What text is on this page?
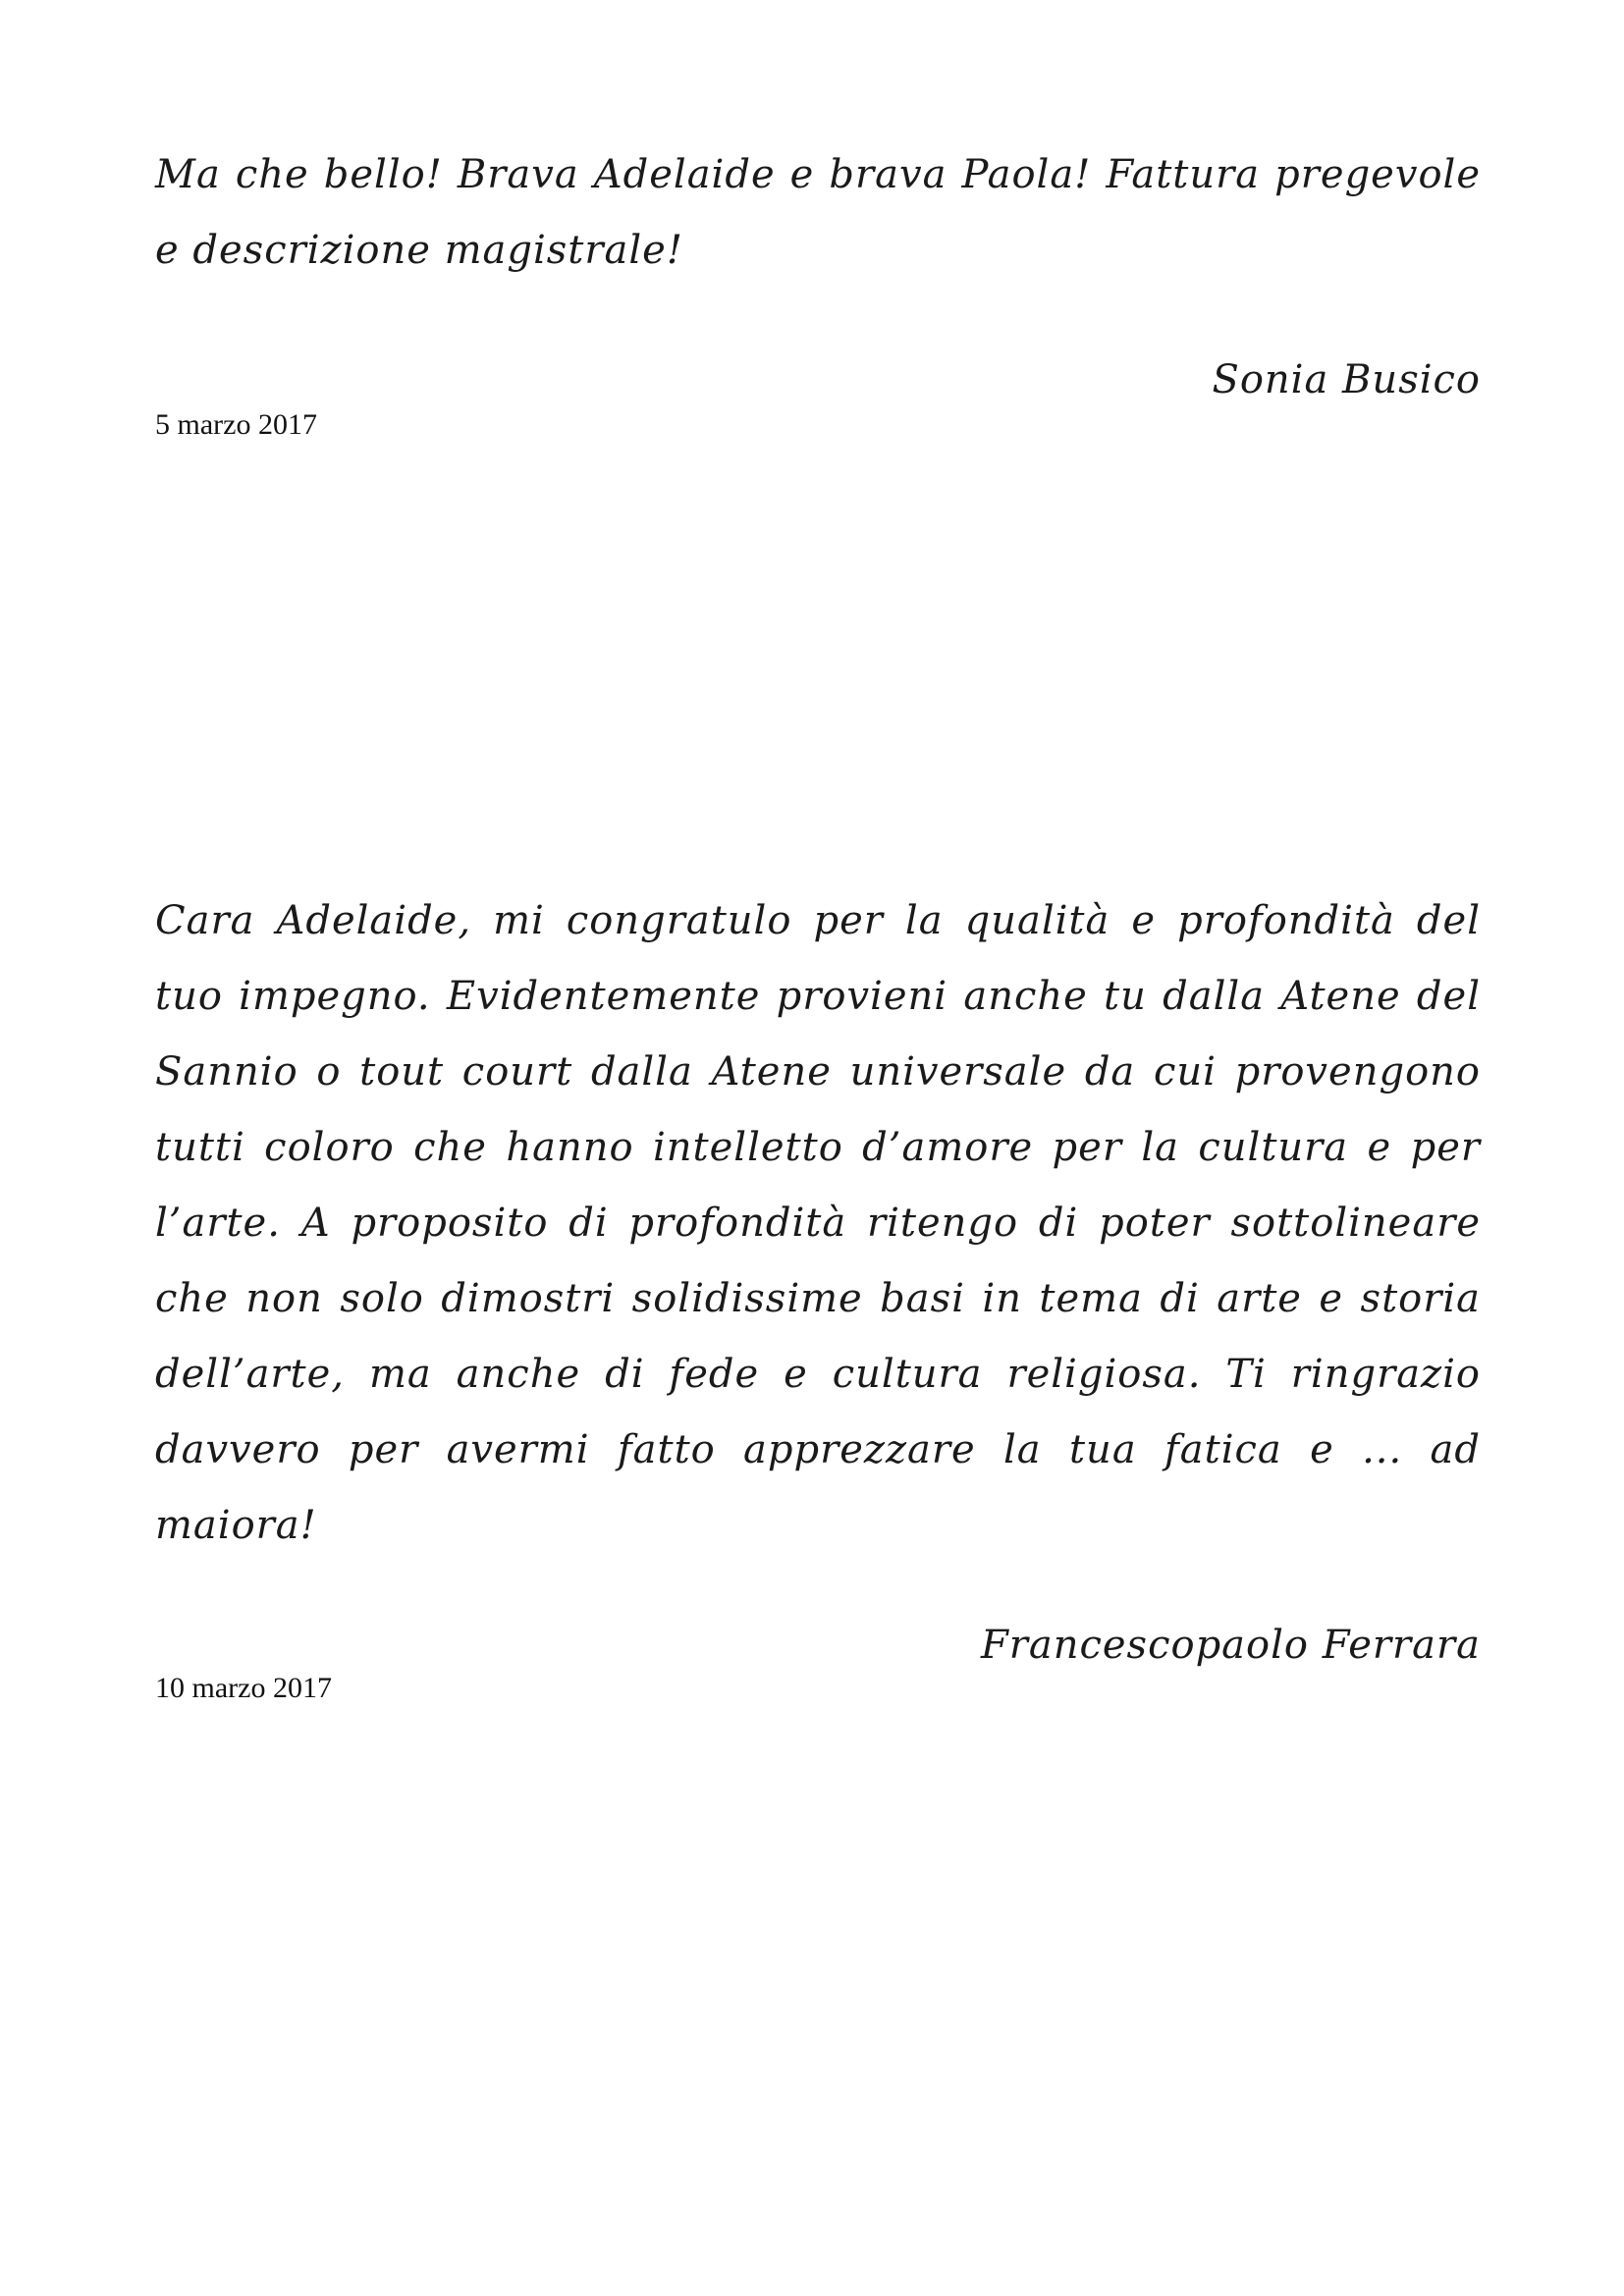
Ma che bello! Brava Adelaide e brava Paola! Fattura pregevole e descrizione magistrale!

Sonia Busico

5 marzo 2017

Cara Adelaide, mi congratulo per la qualità e profondità del tuo impegno. Evidentemente provieni anche tu dalla Atene del Sannio o tout court dalla Atene universale da cui provengono tutti coloro che hanno intelletto d’amore per la cultura e per l’arte. A proposito di profondità ritengo di poter sottolineare che non solo dimostri solidissime basi in tema di arte e storia dell’arte, ma anche di fede e cultura religiosa. Ti ringrazio davvero per avermi fatto apprezzare la tua fatica e ... ad maiora!

Francescopaolo Ferrara

10 marzo 2017
